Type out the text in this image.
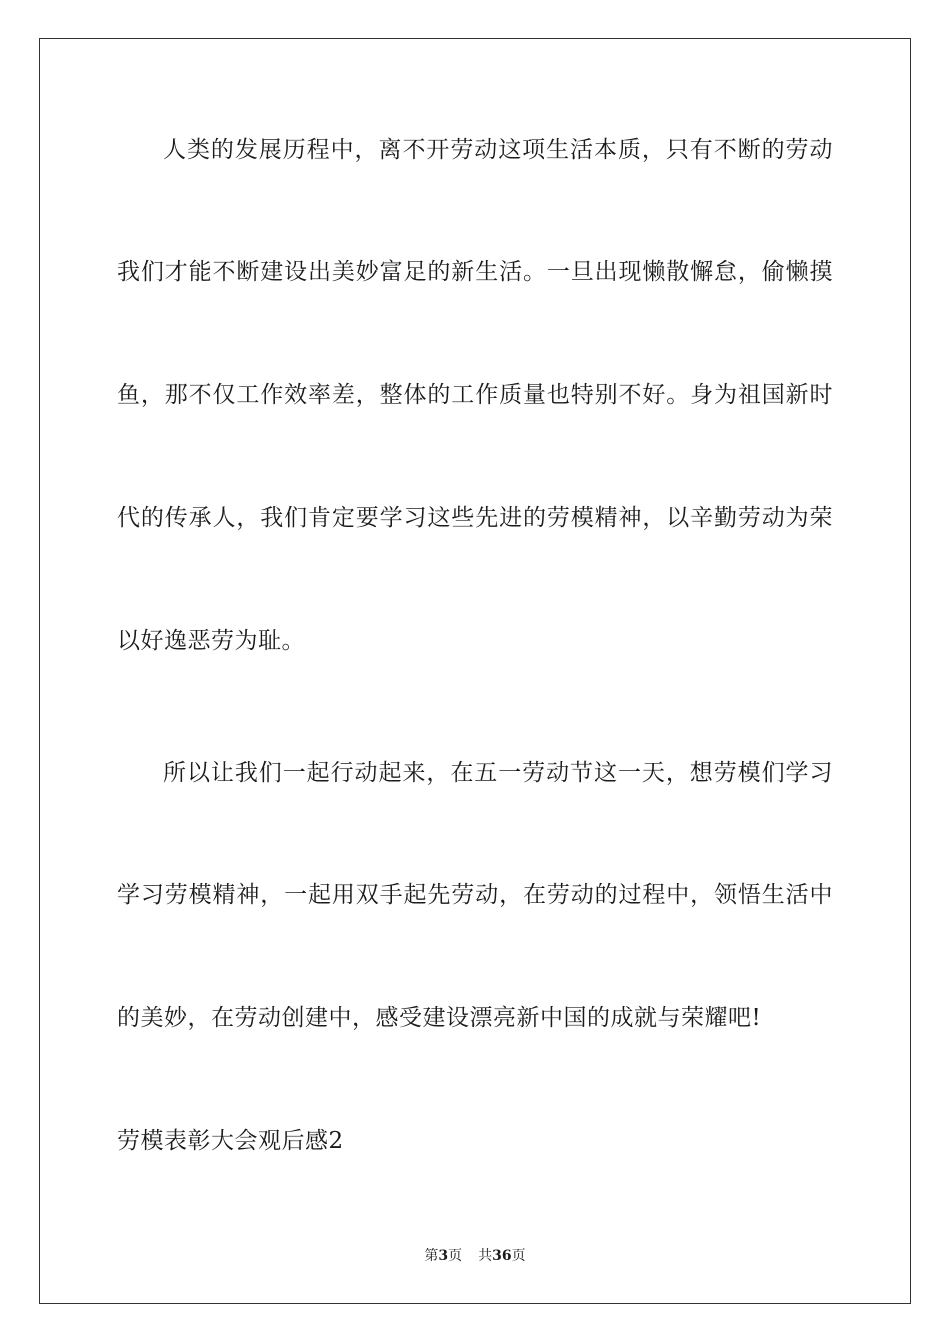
人类的发展历程中，离不开劳动这项生活本质，只有不断的劳动
我们才能不断建设出美妙富足的新生活。一旦出现懒散懈怠，偷懒摸
鱼，那不仅工作效率差，整体的工作质量也特别不好。身为祖国新时
代的传承人，我们肯定要学习这些先进的劳模精神，以辛勤劳动为荣
以好逸恶劳为耻。
所以让我们一起行动起来，在五一劳动节这一天，想劳模们学习
学习劳模精神，一起用双手起先劳动，在劳动的过程中，领悟生活中
的美妙，在劳动创建中，感受建设漂亮新中国的成就与荣耀吧!
劳模表彰大会观后感2
第3页 共36页
